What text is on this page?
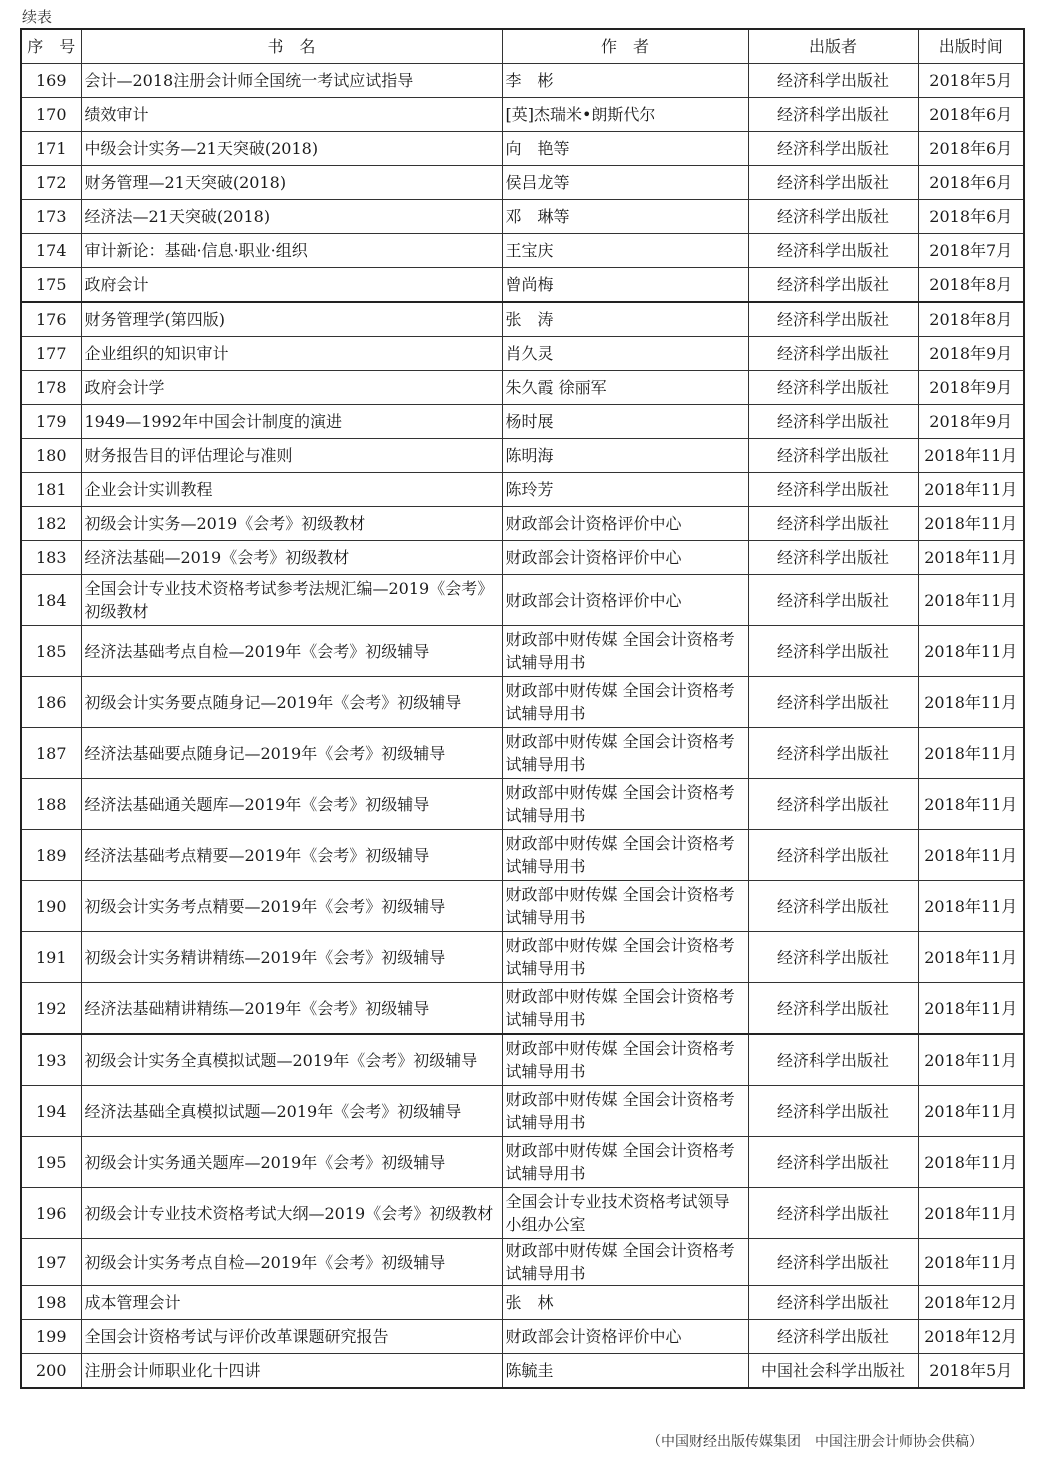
续表
序　号	书　名	作　者	出版者	出版时间
169	会计—2018注册会计师全国统一考试应试指导	李　彬	经济科学出版社	2018年5月
170	绩效审计	[英]杰瑞米•朗斯代尔	经济科学出版社	2018年6月
171	中级会计实务—21天突破(2018)	向　艳等	经济科学出版社	2018年6月
172	财务管理—21天突破(2018)	侯吕龙等	经济科学出版社	2018年6月
173	经济法—21天突破(2018)	邓　琳等	经济科学出版社	2018年6月
174	审计新论：基础·信息·职业·组织	王宝庆	经济科学出版社	2018年7月
175	政府会计	曾尚梅	经济科学出版社	2018年8月
176	财务管理学(第四版)	张　涛	经济科学出版社	2018年8月
177	企业组织的知识审计	肖久灵	经济科学出版社	2018年9月
178	政府会计学	朱久霞 徐丽军	经济科学出版社	2018年9月
179	1949—1992年中国会计制度的演进	杨时展	经济科学出版社	2018年9月
180	财务报告目的评估理论与准则	陈明海	经济科学出版社	2018年11月
181	企业会计实训教程	陈玲芳	经济科学出版社	2018年11月
182	初级会计实务—2019《会考》初级教材	财政部会计资格评价中心	经济科学出版社	2018年11月
183	经济法基础—2019《会考》初级教材	财政部会计资格评价中心	经济科学出版社	2018年11月
184	全国会计专业技术资格考试参考法规汇编—2019《会考》初级教材	财政部会计资格评价中心	经济科学出版社	2018年11月
185	经济法基础考点自检—2019年《会考》初级辅导	财政部中财传媒 全国会计资格考试辅导用书	经济科学出版社	2018年11月
186	初级会计实务要点随身记—2019年《会考》初级辅导	财政部中财传媒 全国会计资格考试辅导用书	经济科学出版社	2018年11月
187	经济法基础要点随身记—2019年《会考》初级辅导	财政部中财传媒 全国会计资格考试辅导用书	经济科学出版社	2018年11月
188	经济法基础通关题库—2019年《会考》初级辅导	财政部中财传媒 全国会计资格考试辅导用书	经济科学出版社	2018年11月
189	经济法基础考点精要—2019年《会考》初级辅导	财政部中财传媒 全国会计资格考试辅导用书	经济科学出版社	2018年11月
190	初级会计实务考点精要—2019年《会考》初级辅导	财政部中财传媒 全国会计资格考试辅导用书	经济科学出版社	2018年11月
191	初级会计实务精讲精练—2019年《会考》初级辅导	财政部中财传媒 全国会计资格考试辅导用书	经济科学出版社	2018年11月
192	经济法基础精讲精练—2019年《会考》初级辅导	财政部中财传媒 全国会计资格考试辅导用书	经济科学出版社	2018年11月
193	初级会计实务全真模拟试题—2019年《会考》初级辅导	财政部中财传媒 全国会计资格考试辅导用书	经济科学出版社	2018年11月
194	经济法基础全真模拟试题—2019年《会考》初级辅导	财政部中财传媒 全国会计资格考试辅导用书	经济科学出版社	2018年11月
195	初级会计实务通关题库—2019年《会考》初级辅导	财政部中财传媒 全国会计资格考试辅导用书	经济科学出版社	2018年11月
196	初级会计专业技术资格考试大纲—2019《会考》初级教材	全国会计专业技术资格考试领导小组办公室	经济科学出版社	2018年11月
197	初级会计实务考点自检—2019年《会考》初级辅导	财政部中财传媒 全国会计资格考试辅导用书	经济科学出版社	2018年11月
198	成本管理会计	张　林	经济科学出版社	2018年12月
199	全国会计资格考试与评价改革课题研究报告	财政部会计资格评价中心	经济科学出版社	2018年12月
200	注册会计师职业化十四讲	陈毓圭	中国社会科学出版社	2018年5月
（中国财经出版传媒集团　中国注册会计师协会供稿）
